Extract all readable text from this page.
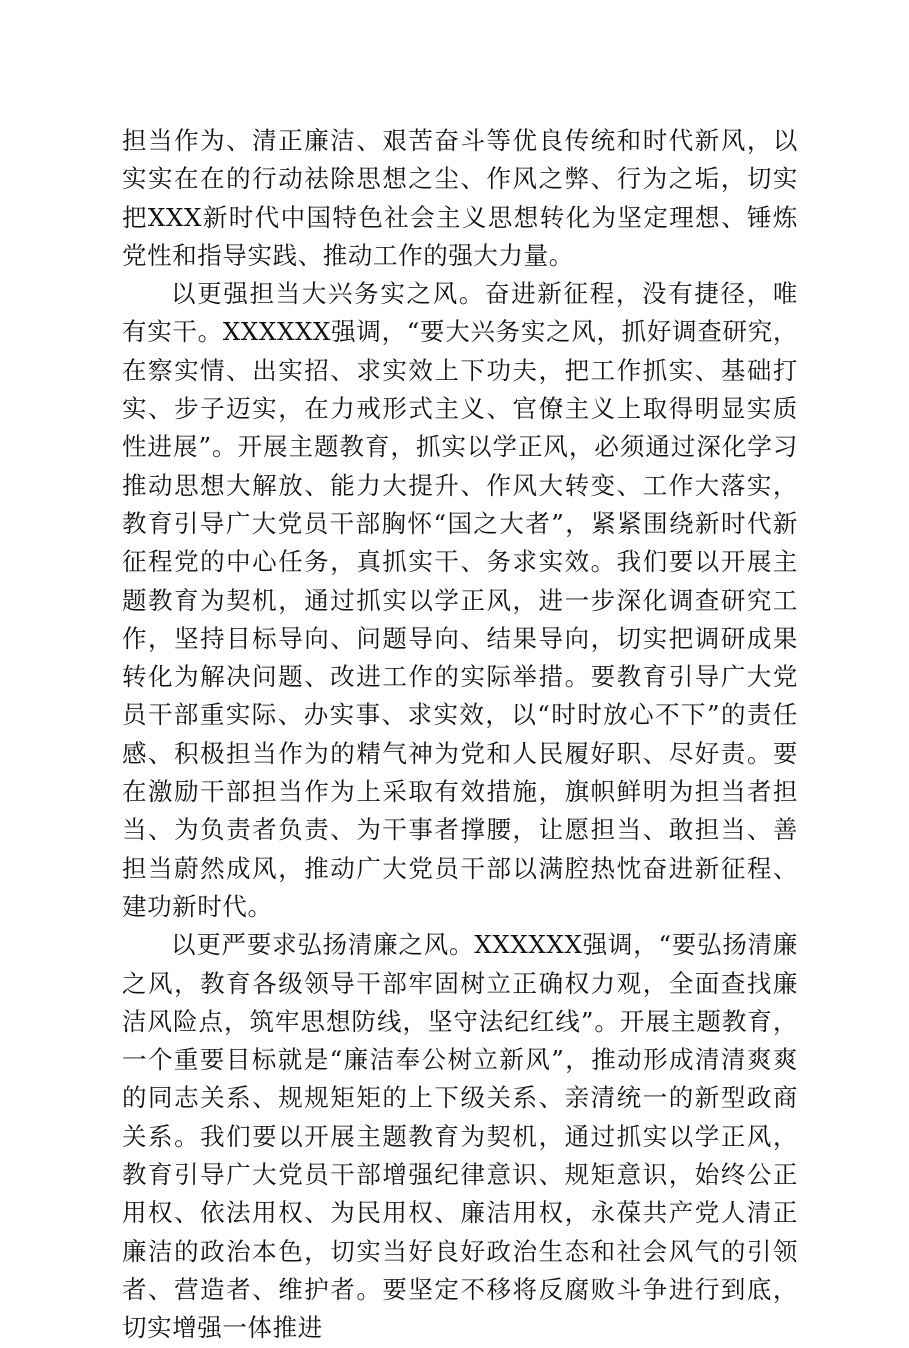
担当作为、清正廉洁、艰苦奋斗等优良传统和时代新风，以实实在在的行动祛除思想之尘、作风之弊、行为之垢，切实把XXX新时代中国特色社会主义思想转化为坚定理想、锤炼党性和指导实践、推动工作的强大力量。

以更强担当大兴务实之风。奋进新征程，没有捷径，唯有实干。XXXXXX强调，“要大兴务实之风，抓好调查研究，在察实情、出实招、求实效上下功夫，把工作抓实、基础打实、步子迈实，在力戒形式主义、官僚主义上取得明显实质性进展”。开展主题教育，抓实以学正风，必须通过深化学习推动思想大解放、能力大提升、作风大转变、工作大落实，教育引导广大党员干部胸怀“国之大者”，紧紧围绕新时代新征程党的中心任务，真抓实干、务求实效。我们要以开展主题教育为契机，通过抓实以学正风，进一步深化调查研究工作，坚持目标导向、问题导向、结果导向，切实把调研成果转化为解决问题、改进工作的实际举措。要教育引导广大党员干部重实际、办实事、求实效，以“时时放心不下”的责任感、积极担当作为的精气神为党和人民履好职、尽好责。要在激励干部担当作为上采取有效措施，旗帜鲜明为担当者担当、为负责者负责、为干事者撑腰，让愿担当、敢担当、善担当蔚然成风，推动广大党员干部以满腔热忱奋进新征程、建功新时代。

以更严要求弘扬清廉之风。XXXXXX强调，“要弘扬清廉之风，教育各级领导干部牢固树立正确权力观，全面查找廉洁风险点，筑牢思想防线，坚守法纪红线”。开展主题教育，一个重要目标就是“廉洁奉公树立新风”，推动形成清清爽爽的同志关系、规规矩矩的上下级关系、亲清统一的新型政商关系。我们要以开展主题教育为契机，通过抓实以学正风，教育引导广大党员干部增强纪律意识、规矩意识，始终公正用权、依法用权、为民用权、廉洁用权，永葆共产党人清正廉洁的政治本色，切实当好良好政治生态和社会风气的引领者、营造者、维护者。要坚定不移将反腐败斗争进行到底，切实增强一体推进
